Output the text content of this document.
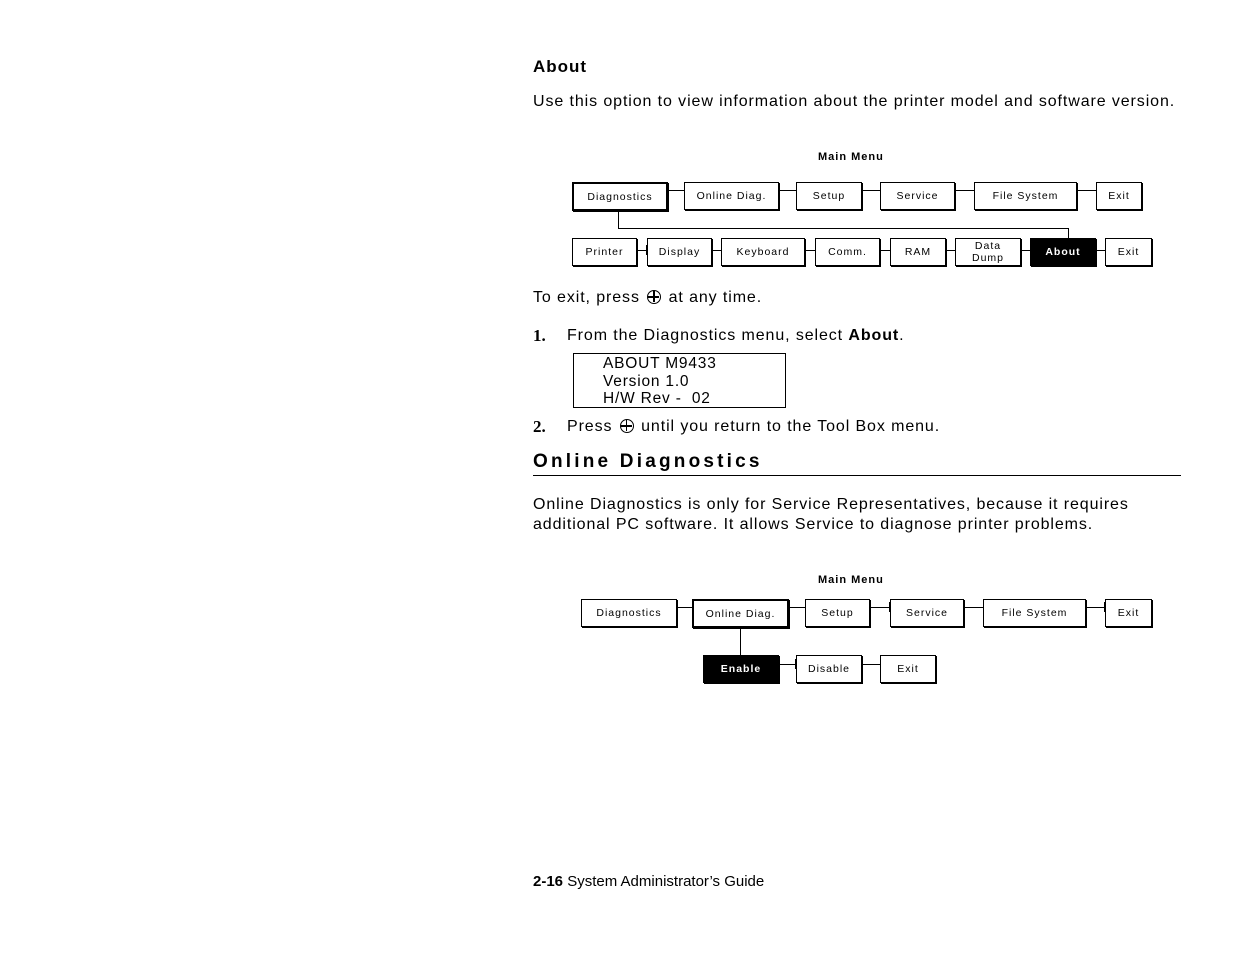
About
Use this option to view information about the printer model and software version.
Main Menu
Diagnostics	Online Diag.	Setup	Service	File System	Exit
Printer	Display	Keyboard	Comm.	RAM	Data Dump	About	Exit
To exit, press at any time.
1. From the Diagnostics menu, select About.
ABOUT M9433
Version 1.0
H/W Rev -  02
2. Press until you return to the Tool Box menu.
Online Diagnostics
Online Diagnostics is only for Service Representatives, because it requires additional PC software. It allows Service to diagnose printer problems.
Main Menu
Diagnostics	Online Diag.	Setup	Service	File System	Exit
Enable	Disable	Exit
2-16 System Administrator’s Guide
